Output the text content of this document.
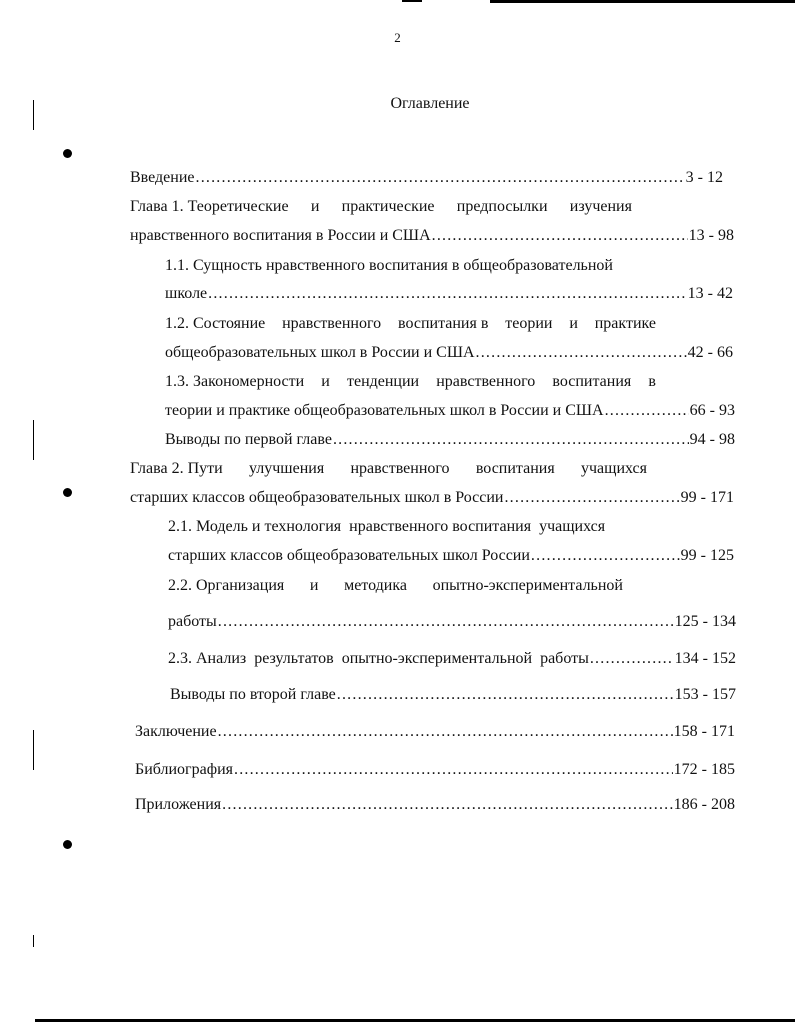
2
Оглавление
Введение .....	3 - 12
Глава 1. Теоретические и практические предпосылки изучения
нравственного воспитания в России и США .....	13 - 98
1.1. Сущность нравственного воспитания в общеобразовательной
школе .....	13 - 42
1.2. Состояние нравственного воспитания в теории и практике
общеобразовательных школ в России и США .....	42 - 66
1.3. Закономерности и тенденции нравственного воспитания в
теории и практике общеобразовательных школ в России и США .....	66 - 93
Выводы по первой главе .....	94 - 98
Глава 2. Пути улучшения нравственного воспитания учащихся
старших классов общеобразовательных школ в России .....	99 - 171
2.1. Модель и технология  нравственного воспитания  учащихся
старших классов общеобразовательных школ России .....	99 - 125
2.2. Организация и методика опытно-экспериментальной
работы .....	125 - 134
2.3. Анализ  результатов  опытно-экспериментальной  работы .....	134 - 152
Выводы по второй главе .....	153 - 157
Заключение .....	158 - 171
Библиография .....	172 - 185
Приложения .....	186 - 208
